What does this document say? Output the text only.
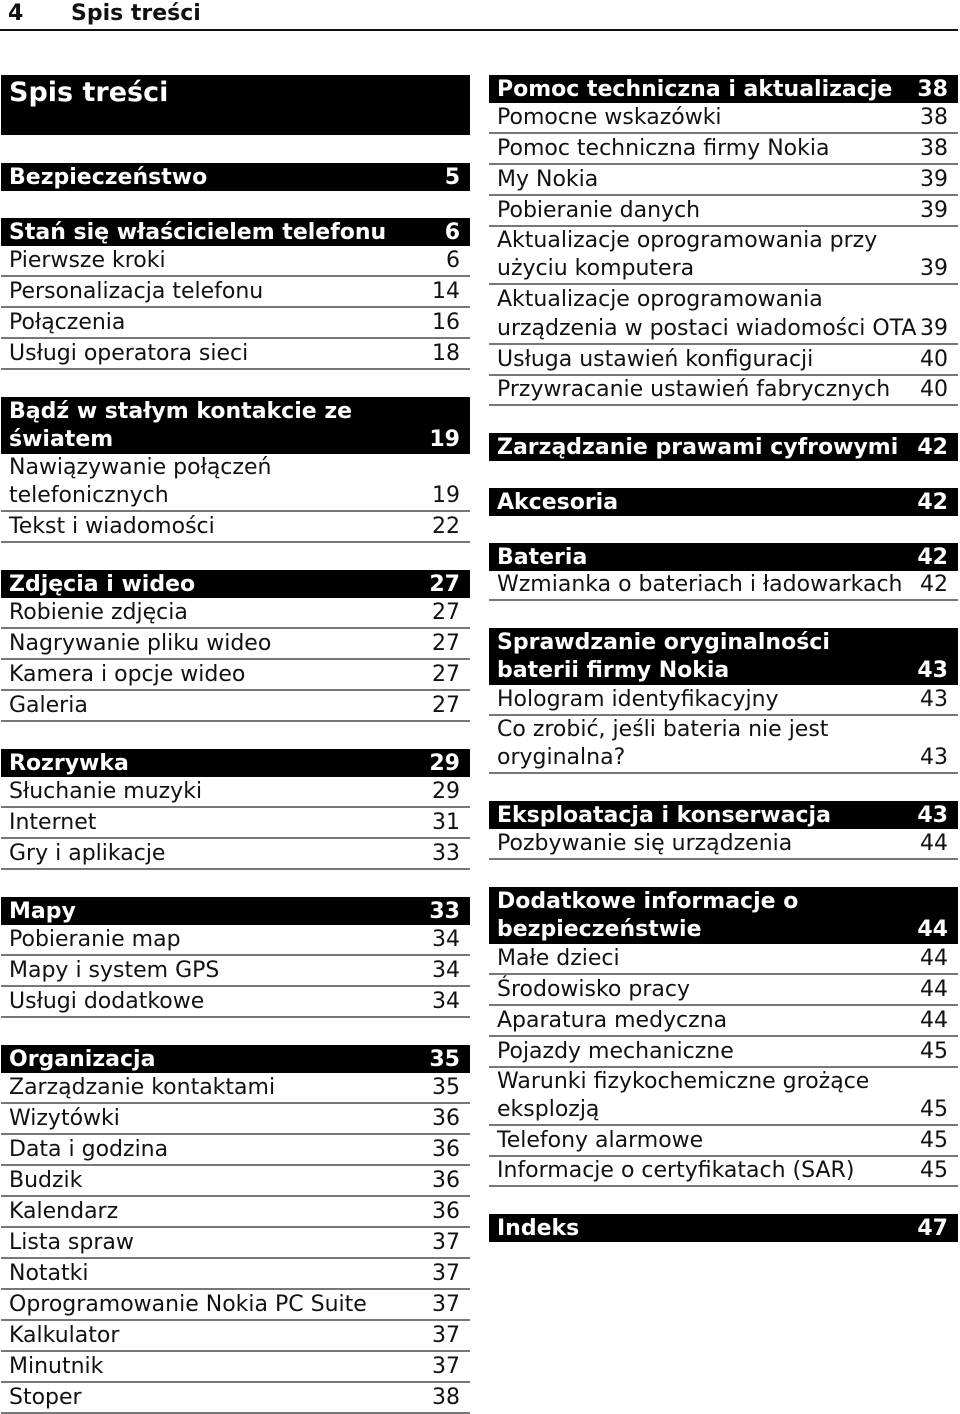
4 Spis treści
Spis treści
Bezpieczeństwo	5
Stań się właścicielem telefonu	6
Pierwsze kroki	6
Personalizacja telefonu	14
Połączenia	16
Usługi operatora sieci	18
Bądź w stałym kontakcie ze światem	19
Nawiązywanie połączeń telefonicznych	19
Tekst i wiadomości	22
Zdjęcia i wideo	27
Robienie zdjęcia	27
Nagrywanie pliku wideo	27
Kamera i opcje wideo	27
Galeria	27
Rozrywka	29
Słuchanie muzyki	29
Internet	31
Gry i aplikacje	33
Mapy	33
Pobieranie map	34
Mapy i system GPS	34
Usługi dodatkowe	34
Organizacja	35
Zarządzanie kontaktami	35
Wizytówki	36
Data i godzina	36
Budzik	36
Kalendarz	36
Lista spraw	37
Notatki	37
Oprogramowanie Nokia PC Suite	37
Kalkulator	37
Minutnik	37
Stoper	38
Pomoc techniczna i aktualizacje	38
Pomocne wskazówki	38
Pomoc techniczna firmy Nokia	38
My Nokia	39
Pobieranie danych	39
Aktualizacje oprogramowania przy użyciu komputera	39
Aktualizacje oprogramowania urządzenia w postaci wiadomości OTA 39
Usługa ustawień konfiguracji	40
Przywracanie ustawień fabrycznych	40
Zarządzanie prawami cyfrowymi 42
Akcesoria	42
Bateria	42
Wzmianka o bateriach i ładowarkach 42
Sprawdzanie oryginalności baterii firmy Nokia	43
Hologram identyfikacyjny	43
Co zrobić, jeśli bateria nie jest oryginalna?	43
Eksploatacja i konserwacja	43
Pozbywanie się urządzenia	44
Dodatkowe informacje o bezpieczeństwie	44
Małe dzieci	44
Środowisko pracy	44
Aparatura medyczna	44
Pojazdy mechaniczne	45
Warunki fizykochemiczne grożące eksplozją	45
Telefony alarmowe	45
Informacje o certyfikatach (SAR)	45
Indeks	47
